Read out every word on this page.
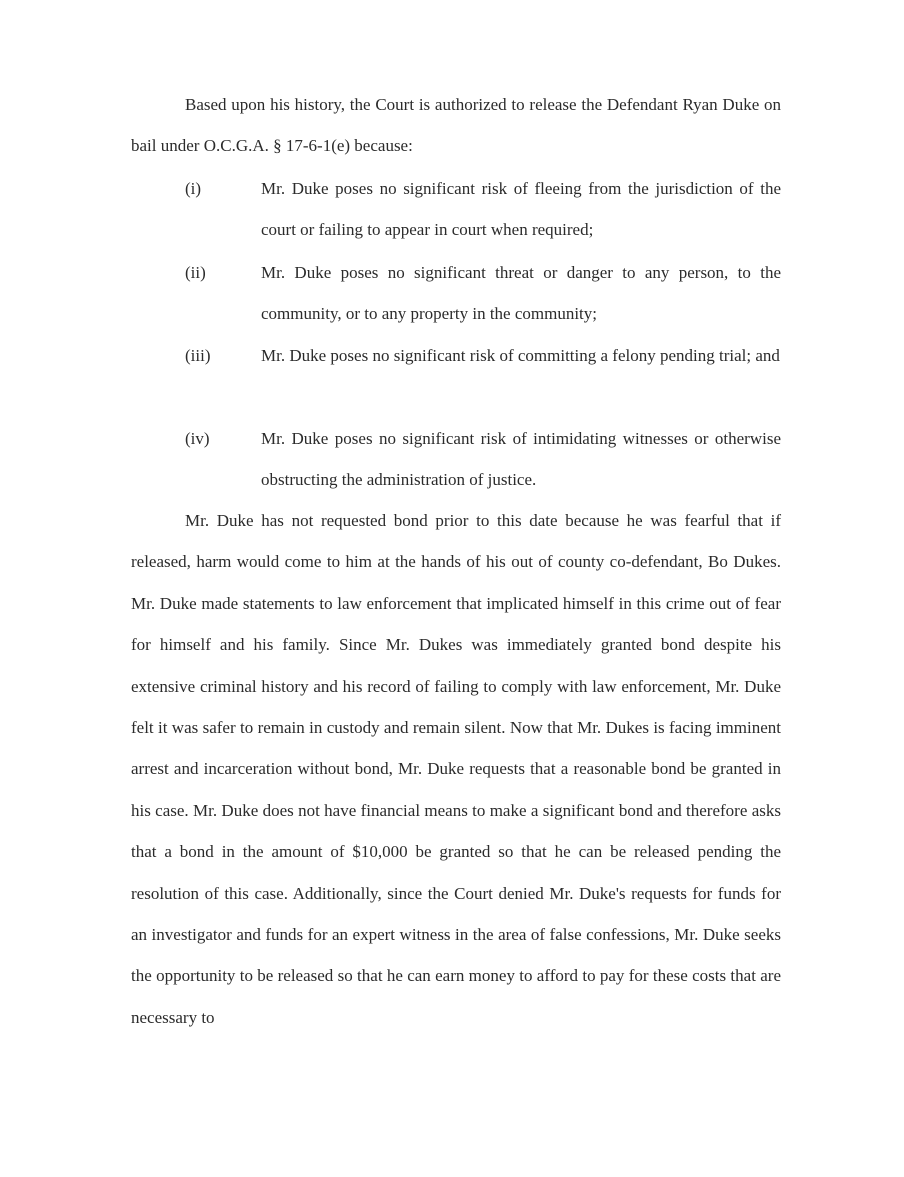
Based upon his history, the Court is authorized to release the Defendant Ryan Duke on bail under O.C.G.A. § 17-6-1(e) because:

(i)	Mr. Duke poses no significant risk of fleeing from the jurisdiction of the court or failing to appear in court when required;

(ii)	Mr. Duke poses no significant threat or danger to any person, to the community, or to any property in the community;

(iii)	Mr. Duke poses no significant risk of committing a felony pending trial; and

(iv)	Mr. Duke poses no significant risk of intimidating witnesses or otherwise obstructing the administration of justice.

Mr. Duke has not requested bond prior to this date because he was fearful that if released, harm would come to him at the hands of his out of county co-defendant, Bo Dukes. Mr. Duke made statements to law enforcement that implicated himself in this crime out of fear for himself and his family. Since Mr. Dukes was immediately granted bond despite his extensive criminal history and his record of failing to comply with law enforcement, Mr. Duke felt it was safer to remain in custody and remain silent. Now that Mr. Dukes is facing imminent arrest and incarceration without bond, Mr. Duke requests that a reasonable bond be granted in his case. Mr. Duke does not have financial means to make a significant bond and therefore asks that a bond in the amount of $10,000 be granted so that he can be released pending the resolution of this case. Additionally, since the Court denied Mr. Duke's requests for funds for an investigator and funds for an expert witness in the area of false confessions, Mr. Duke seeks the opportunity to be released so that he can earn money to afford to pay for these costs that are necessary to
